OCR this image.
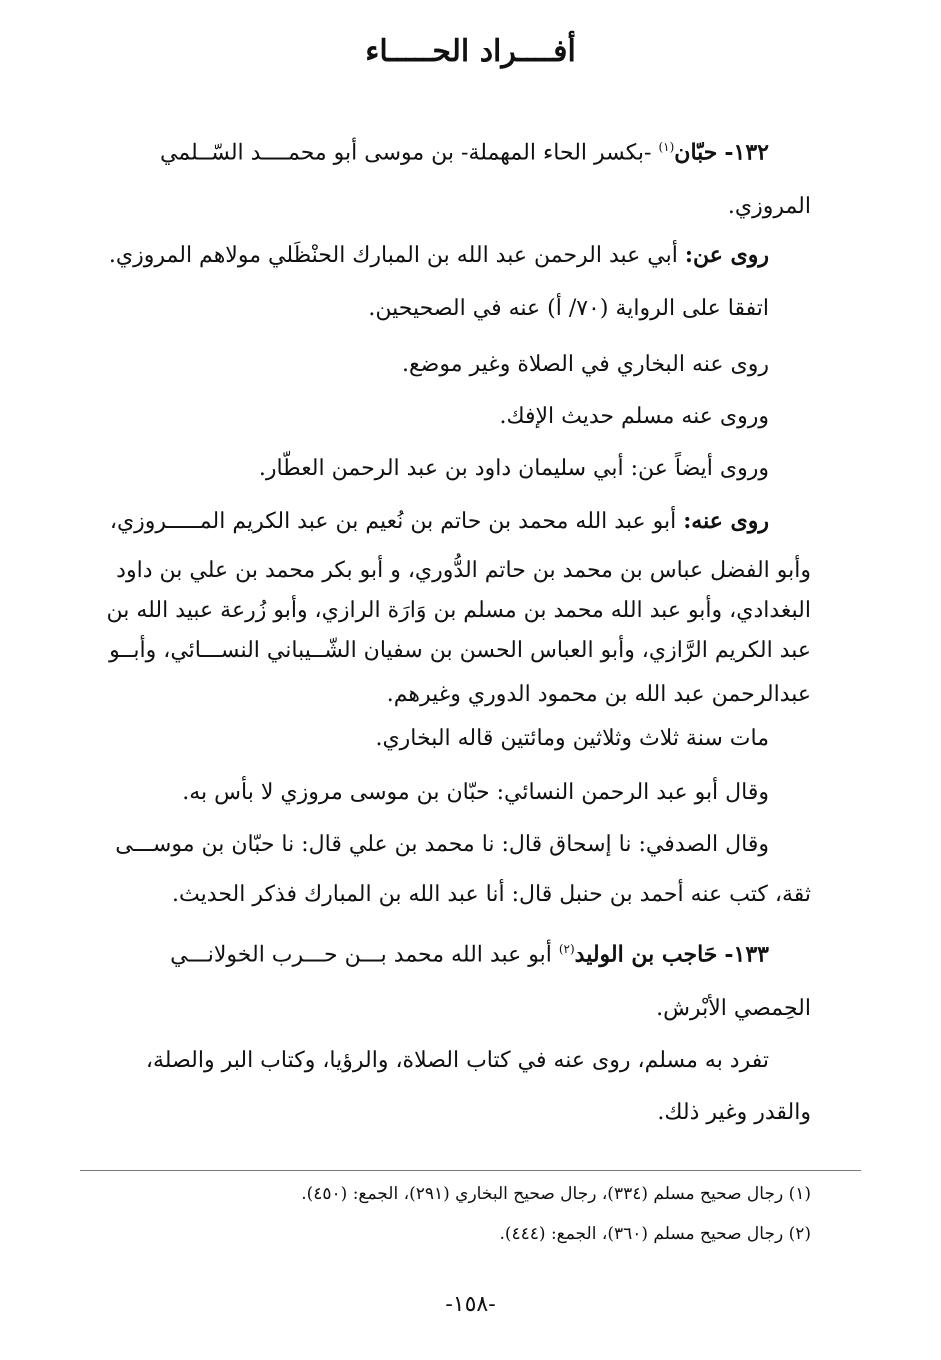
أفــــراد الحـــــاء
١٣٢- حبّان$^{(١)}$ -بكسر الحاء المهملة- بن موسى أبو محمــــد السّــلمي
المروزي.
روى عن: أبي عبد الرحمن عبد الله بن المبارك الحنْظَلي مولاهم المروزي.
اتفقا على الرواية (٧٠/ أ) عنه في الصحيحين.
روى عنه البخاري في الصلاة وغير موضع.
وروى عنه مسلم حديث الإفك.
وروى أيضاً عن: أبي سليمان داود بن عبد الرحمن العطّار.
روى عنه: أبو عبد الله محمد بن حاتم بن نُعيم بن عبد الكريم المـــــروزي،
وأبو الفضل عباس بن محمد بن حاتم الدُّوري، و أبو بكر محمد بن علي بن داود
البغدادي، وأبو عبد الله محمد بن مسلم بن وَارَة الرازي، وأبو زُرعة عبيد الله بن
عبد الكريم الرَّازي، وأبو العباس الحسن بن سفيان الشّــيباني النســـائي، وأبــو
عبدالرحمن عبد الله بن محمود الدوري وغيرهم.
مات سنة ثلاث وثلاثين ومائتين قاله البخاري.
وقال أبو عبد الرحمن النسائي: حبّان بن موسى مروزي لا بأس به.
وقال الصدفي: نا إسحاق قال: نا محمد بن علي قال: نا حبّان بن موســـى
ثقة، كتب عنه أحمد بن حنبل قال: أنا عبد الله بن المبارك فذكر الحديث.
١٣٣- حَاجب بن الوليد$^{(٢)}$ أبو عبد الله محمد بـــن حـــرب الخولانـــي
الحِمصي الأبْرش.
تفرد به مسلم، روى عنه في كتاب الصلاة، والرؤيا، وكتاب البر والصلة،
والقدر وغير ذلك.
(١) رجال صحيح مسلم (٣٣٤)، رجال صحيح البخاري (٢٩١)، الجمع: (٤٥٠).
(٢) رجال صحيح مسلم (٣٦٠)، الجمع: (٤٤٤).
-١٥٨-
